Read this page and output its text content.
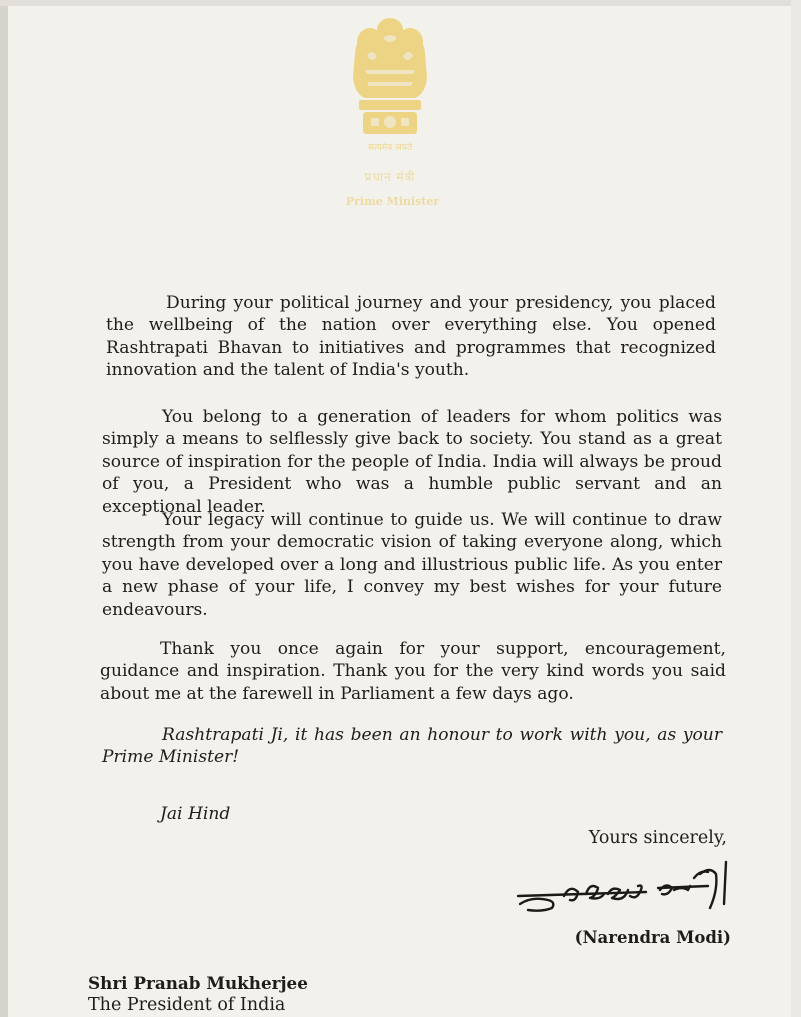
सत्यमेव जयते
प्रधान मंत्री
Prime Minister

During your political journey and your presidency, you placed the wellbeing of the nation over everything else. You opened Rashtrapati Bhavan to initiatives and programmes that recognized innovation and the talent of India's youth.

You belong to a generation of leaders for whom politics was simply a means to selflessly give back to society. You stand as a great source of inspiration for the people of India. India will always be proud of you, a President who was a humble public servant and an exceptional leader.

Your legacy will continue to guide us. We will continue to draw strength from your democratic vision of taking everyone along, which you have developed over a long and illustrious public life. As you enter a new phase of your life, I convey my best wishes for your future endeavours.

Thank you once again for your support, encouragement, guidance and inspiration. Thank you for the very kind words you said about me at the farewell in Parliament a few days ago.

Rashtrapati Ji, it has been an honour to work with you, as your Prime Minister!

Jai Hind
Yours sincerely,
नरेन्द्र मोदी
(Narendra Modi)
Shri Pranab Mukherjee
The President of India
